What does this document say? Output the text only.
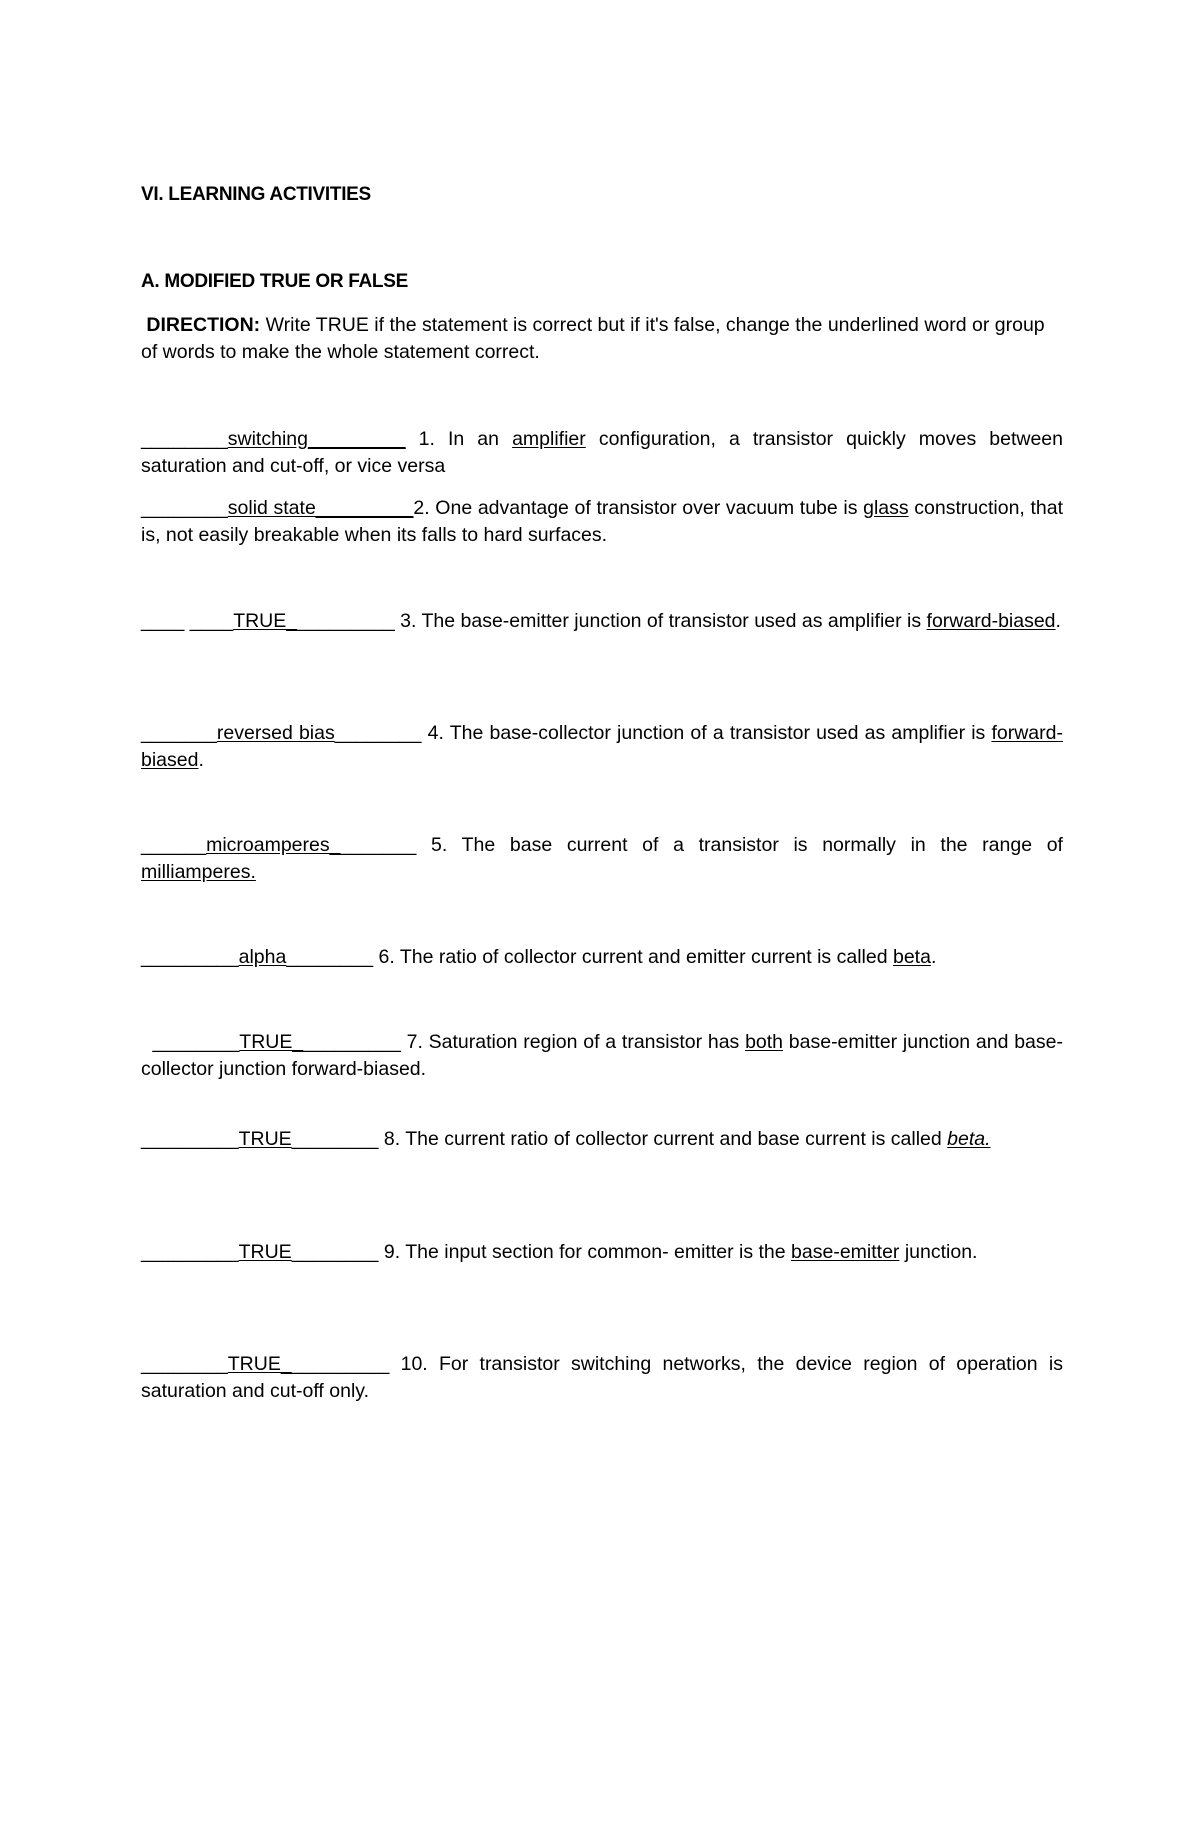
VI. LEARNING ACTIVITIES
A. MODIFIED TRUE OR FALSE
DIRECTION: Write TRUE if the statement is correct but if it's false, change the underlined word or group of words to make the whole statement correct.
________switching_________ 1. In an amplifier configuration, a transistor quickly moves between saturation and cut-off, or vice versa
________solid state_________2. One advantage of transistor over vacuum tube is glass construction, that is, not easily breakable when its falls to hard surfaces.
____ ____TRUE__________ 3. The base-emitter junction of transistor used as amplifier is forward-biased.
_______reversed bias________ 4. The base-collector junction of a transistor used as amplifier is forward-biased.
______microamperes________ 5. The base current of a transistor is normally in the range of milliamperes.
_________alpha________ 6. The ratio of collector current and emitter current is called beta.
________TRUE__________ 7. Saturation region of a transistor has both base-emitter junction and base-collector junction forward-biased.
_________TRUE________ 8. The current ratio of collector current and base current is called beta.
_________TRUE________ 9. The input section for common- emitter is the base-emitter junction.
________TRUE__________ 10. For transistor switching networks, the device region of operation is saturation and cut-off only.
